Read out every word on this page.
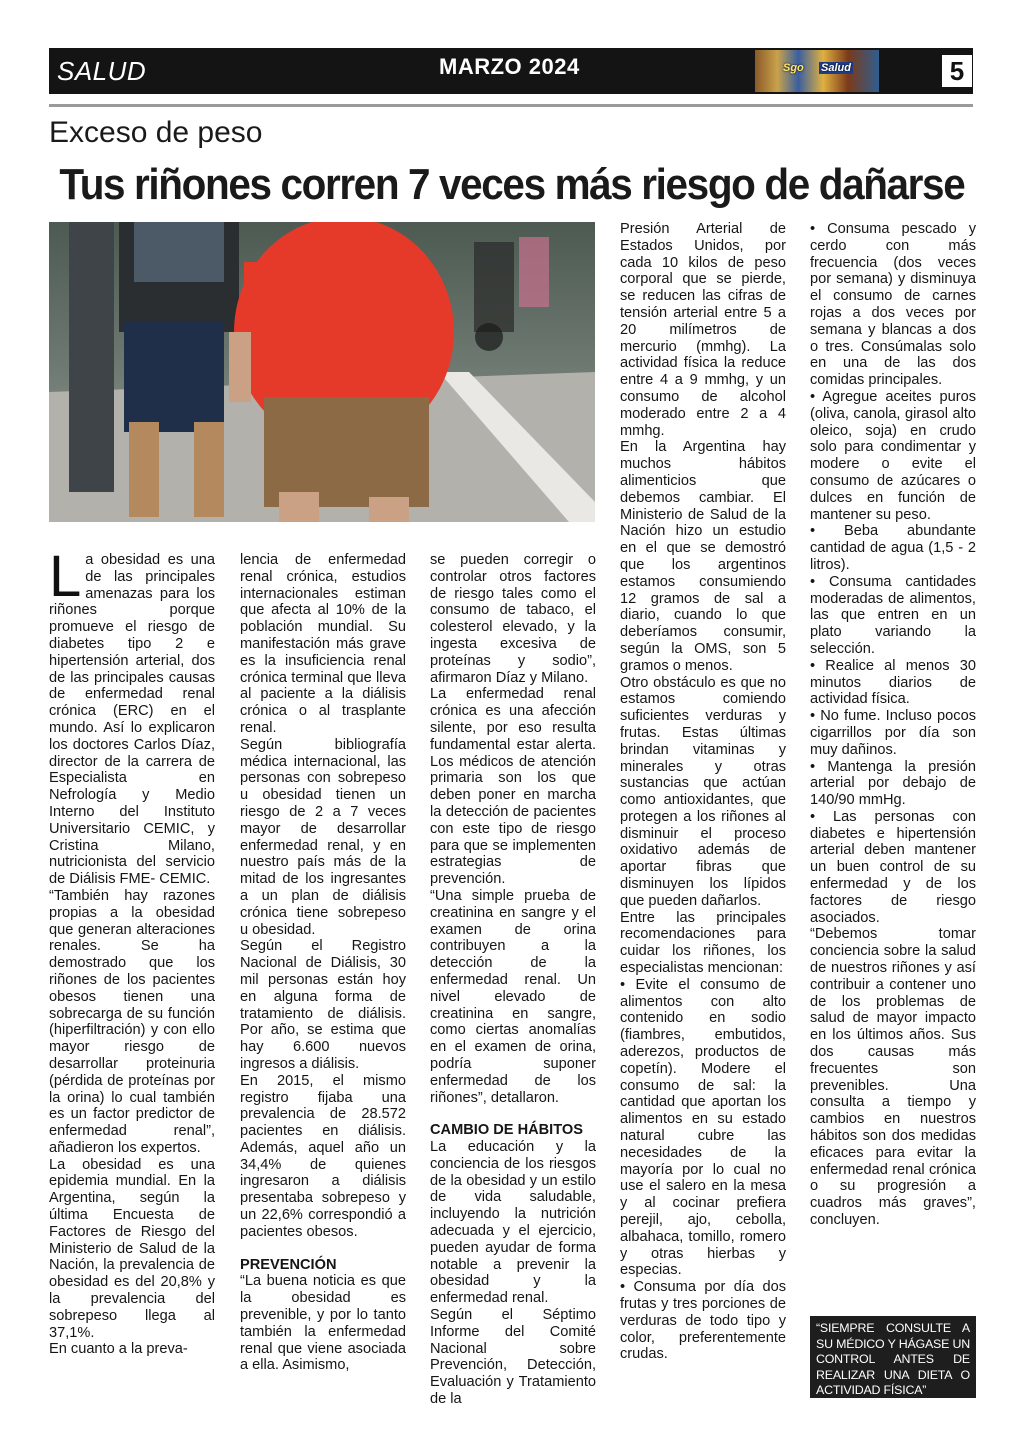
SALUD	MARZO 2024	Sgo Salud	5
Exceso de peso
Tus riñones corren 7 veces más riesgo de dañarse

La obesidad es una de las principales amenazas para los riñones porque promueve el riesgo de diabetes tipo 2 e hipertensión arterial, dos de las principales causas de enfermedad renal crónica (ERC) en el mundo. Así lo explicaron los doctores Carlos Díaz, director de la carrera de Especialista en Nefrología y Medio Interno del Instituto Universitario CEMIC, y Cristina Milano, nutricionista del servicio de Diálisis FME- CEMIC.

“También hay razones propias a la obesidad que generan alteraciones renales. Se ha demostrado que los riñones de los pacientes obesos tienen una sobrecarga de su función (hiperfiltración) y con ello mayor riesgo de desarrollar proteinuria (pérdida de proteínas por la orina) lo cual también es un factor predictor de enfermedad renal”, añadieron los expertos.

La obesidad es una epidemia mundial. En la Argentina, según la última Encuesta de Factores de Riesgo del Ministerio de Salud de la Nación, la prevalencia de obesidad es del 20,8% y la prevalencia del sobrepeso llega al 37,1%.

En cuanto a la preva-

lencia de enfermedad renal crónica, estudios internacionales estiman que afecta al 10% de la población mundial. Su manifestación más grave es la insuficiencia renal crónica terminal que lleva al paciente a la diálisis crónica o al trasplante renal.

Según bibliografía médica internacional, las personas con sobrepeso u obesidad tienen un riesgo de 2 a 7 veces mayor de desarrollar enfermedad renal, y en nuestro país más de la mitad de los ingresantes a un plan de diálisis crónica tiene sobrepeso u obesidad.

Según el Registro Nacional de Diálisis, 30 mil personas están hoy en alguna forma de tratamiento de diálisis. Por año, se estima que hay 6.600 nuevos ingresos a diálisis.

En 2015, el mismo registro fijaba una prevalencia de 28.572 pacientes en diálisis. Además, aquel año un 34,4% de quienes ingresaron a diálisis presentaba sobrepeso y un 22,6% correspondió a pacientes obesos.

PREVENCIÓN

“La buena noticia es que la obesidad es prevenible, y por lo tanto también la enfermedad renal que viene asociada a ella. Asimismo,

se pueden corregir o controlar otros factores de riesgo tales como el consumo de tabaco, el colesterol elevado, y la ingesta excesiva de proteínas y sodio”, afirmaron Díaz y Milano.

La enfermedad renal crónica es una afección silente, por eso resulta fundamental estar alerta. Los médicos de atención primaria son los que deben poner en marcha la detección de pacientes con este tipo de riesgo para que se implementen estrategias de prevención.

“Una simple prueba de creatinina en sangre y el examen de orina contribuyen a la detección de la enfermedad renal. Un nivel elevado de creatinina en sangre, como ciertas anomalías en el examen de orina, podría suponer enfermedad de los riñones”, detallaron.

CAMBIO DE HÁBITOS

La educación y la conciencia de los riesgos de la obesidad y un estilo de vida saludable, incluyendo la nutrición adecuada y el ejercicio, pueden ayudar de forma notable a prevenir la obesidad y la enfermedad renal.

Según el Séptimo Informe del Comité Nacional sobre Prevención, Detección, Evaluación y Tratamiento de la

Presión Arterial de Estados Unidos, por cada 10 kilos de peso corporal que se pierde, se reducen las cifras de tensión arterial entre 5 a 20 milímetros de mercurio (mmhg). La actividad física la reduce entre 4 a 9 mmhg, y un consumo de alcohol moderado entre 2 a 4 mmhg.

En la Argentina hay muchos hábitos alimenticios que debemos cambiar. El Ministerio de Salud de la Nación hizo un estudio en el que se demostró que los argentinos estamos consumiendo 12 gramos de sal a diario, cuando lo que deberíamos consumir, según la OMS, son 5 gramos o menos.

Otro obstáculo es que no estamos comiendo suficientes verduras y frutas. Estas últimas brindan vitaminas y minerales y otras sustancias que actúan como antioxidantes, que protegen a los riñones al disminuir el proceso oxidativo además de aportar fibras que disminuyen los lípidos que pueden dañarlos.

Entre las principales recomendaciones para cuidar los riñones, los especialistas mencionan:

• Evite el consumo de alimentos con alto contenido en sodio (fiambres, embutidos, aderezos, productos de copetín). Modere el consumo de sal: la cantidad que aportan los alimentos en su estado natural cubre las necesidades de la mayoría por lo cual no use el salero en la mesa y al cocinar prefiera perejil, ajo, cebolla, albahaca, tomillo, romero y otras hierbas y especias.

• Consuma por día dos frutas y tres porciones de verduras de todo tipo y color, preferentemente crudas.

• Consuma pescado y cerdo con más frecuencia (dos veces por semana) y disminuya el consumo de carnes rojas a dos veces por semana y blancas a dos o tres. Consúmalas solo en una de las dos comidas principales.

• Agregue aceites puros (oliva, canola, girasol alto oleico, soja) en crudo solo para condimentar y modere o evite el consumo de azúcares o dulces en función de mantener su peso.

• Beba abundante cantidad de agua (1,5 - 2 litros).

• Consuma cantidades moderadas de alimentos, las que entren en un plato variando la selección.

• Realice al menos 30 minutos diarios de actividad física.

• No fume. Incluso pocos cigarrillos por día son muy dañinos.

• Mantenga la presión arterial por debajo de 140/90 mmHg.

• Las personas con diabetes e hipertensión arterial deben mantener un buen control de su enfermedad y de los factores de riesgo asociados.

“Debemos tomar conciencia sobre la salud de nuestros riñones y así contribuir a contener uno de los problemas de salud de mayor impacto en los últimos años. Sus dos causas más frecuentes son prevenibles. Una consulta a tiempo y cambios en nuestros hábitos son dos medidas eficaces para evitar la enfermedad renal crónica o su progresión a cuadros más graves”, concluyen.

“SIEMPRE CONSULTE A SU MÉDICO Y HÁGASE UN CONTROL ANTES DE REALIZAR UNA DIETA O ACTIVIDAD FÍSICA”
